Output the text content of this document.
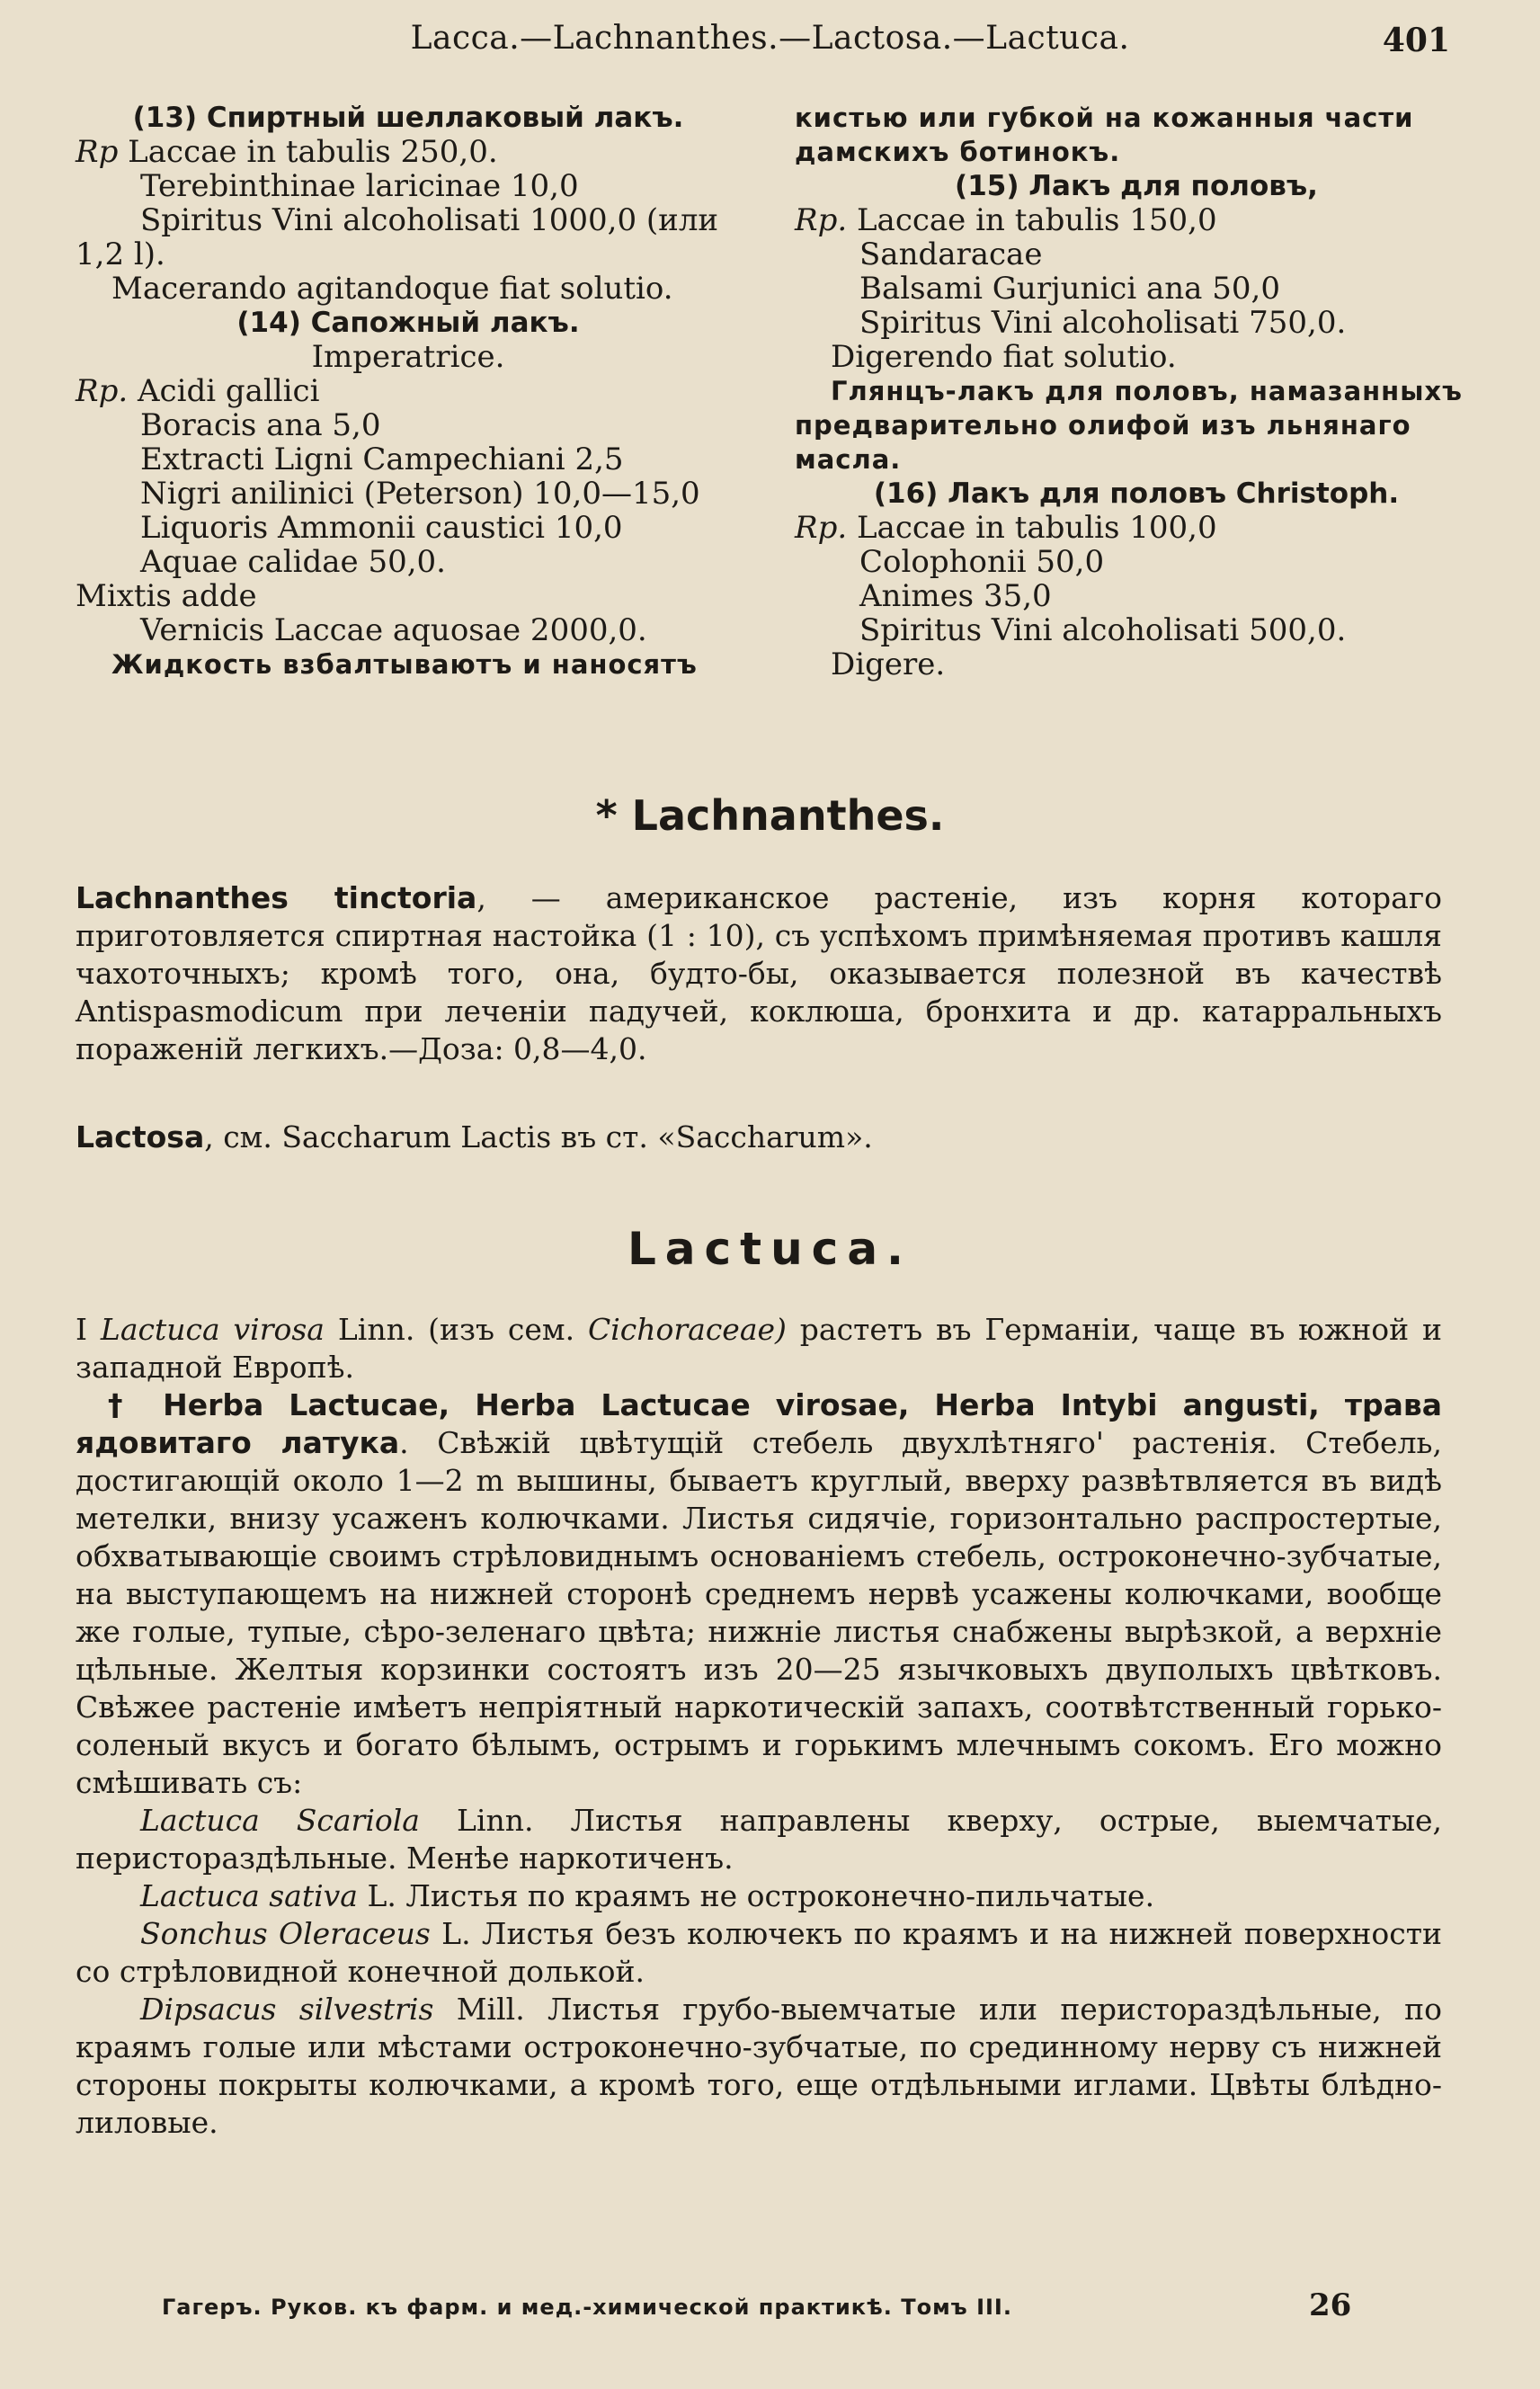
Lacca.—Lachnanthes.—Lactosa.—Lactuca.	401
(13) Спиртный шеллаковый лакъ.
Rp Laccae in tabulis 250,0.
Terebinthinae laricinae 10,0
Spiritus Vini alcoholisati 1000,0 (или
1,2 l).
Macerando agitandoque fiat solutio.
(14) Сапожный лакъ.
Imperatrice.
Rp. Acidi gallici
Boracis ana 5,0
Extracti Ligni Campechiani 2,5
Nigri anilinici (Peterson) 10,0—15,0
Liquoris Ammonii caustici 10,0
Aquae calidae 50,0.
Mixtis adde
Vernicis Laccae aquosae 2000,0.
Жидкость взбалтываютъ и наносятъ
кистью или губкой на кожанныя части
дамскихъ ботинокъ.
(15) Лакъ для половъ,
Rp. Laccae in tabulis 150,0
Sandaracae
Balsami Gurjunici ana 50,0
Spiritus Vini alcoholisati 750,0.
Digerendo fiat solutio.
Глянцъ-лакъ для половъ, намазанныхъ
предварительно олифой изъ льнянаго
масла.
(16) Лакъ для половъ Christoph.
Rp. Laccae in tabulis 100,0
Colophonii 50,0
Animes 35,0
Spiritus Vini alcoholisati 500,0.
Digere.
* Lachnanthes.
Lachnanthes tinctoria, — американское растеніе, изъ корня котораго приготовляется спиртная настойка (1 : 10), съ успѣхомъ примѣняемая противъ кашля чахоточныхъ; кромѣ того, она, будто-бы, оказывается полезной въ качествѣ Antispasmodicum при леченіи падучей, коклюша, бронхита и др. катарральныхъ пораженій легкихъ.—Доза: 0,8—4,0.
Lactosa, см. Saccharum Lactis въ ст. «Saccharum».
Lactuca.
I Lactuca virosa Linn. (изъ сем. Cichoraceae) растетъ въ Германіи, чаще въ южной и западной Европѣ.
† Herba Lactucae, Herba Lactucae virosae, Herba Intybi angusti, трава ядовитаго латука. Свѣжій цвѣтущій стебель двухлѣтняго' растенія. Стебель, достигающій около 1—2 m вышины, бываетъ круглый, вверху развѣтвляется въ видѣ метелки, внизу усаженъ колючками. Листья сидячіе, горизонтально распростертые, обхватывающіе своимъ стрѣловиднымъ основаніемъ стебель, остроконечно-зубчатые, на выступающемъ на нижней сторонѣ среднемъ нервѣ усажены колючками, вообще же голые, тупые, сѣро-зеленаго цвѣта; нижніе листья снабжены вырѣзкой, а верхніе цѣльные. Желтыя корзинки состоятъ изъ 20—25 язычковыхъ двуполыхъ цвѣтковъ. Свѣжее растеніе имѣетъ непріятный наркотическій запахъ, соотвѣтственный горько-соленый вкусъ и богато бѣлымъ, острымъ и горькимъ млечнымъ сокомъ. Его можно смѣшивать съ:
Lactuca Scariola Linn. Листья направлены кверху, острые, выемчатые, перистораздѣльные. Менѣе наркотиченъ.
Lactuca sativa L. Листья по краямъ не остроконечно-пильчатые.
Sonchus Oleraceus L. Листья безъ колючекъ по краямъ и на нижней поверхности со стрѣловидной конечной долькой.
Dipsacus silvestris Mill. Листья грубо-выемчатые или перистораздѣльные, по краямъ голые или мѣстами остроконечно-зубчатые, по срединному нерву съ нижней стороны покрыты колючками, а кромѣ того, еще отдѣльными иглами. Цвѣты блѣдно-лиловые.
Гагеръ. Руков. къ фарм. и мед.-химической практикѣ. Томъ III.	26
